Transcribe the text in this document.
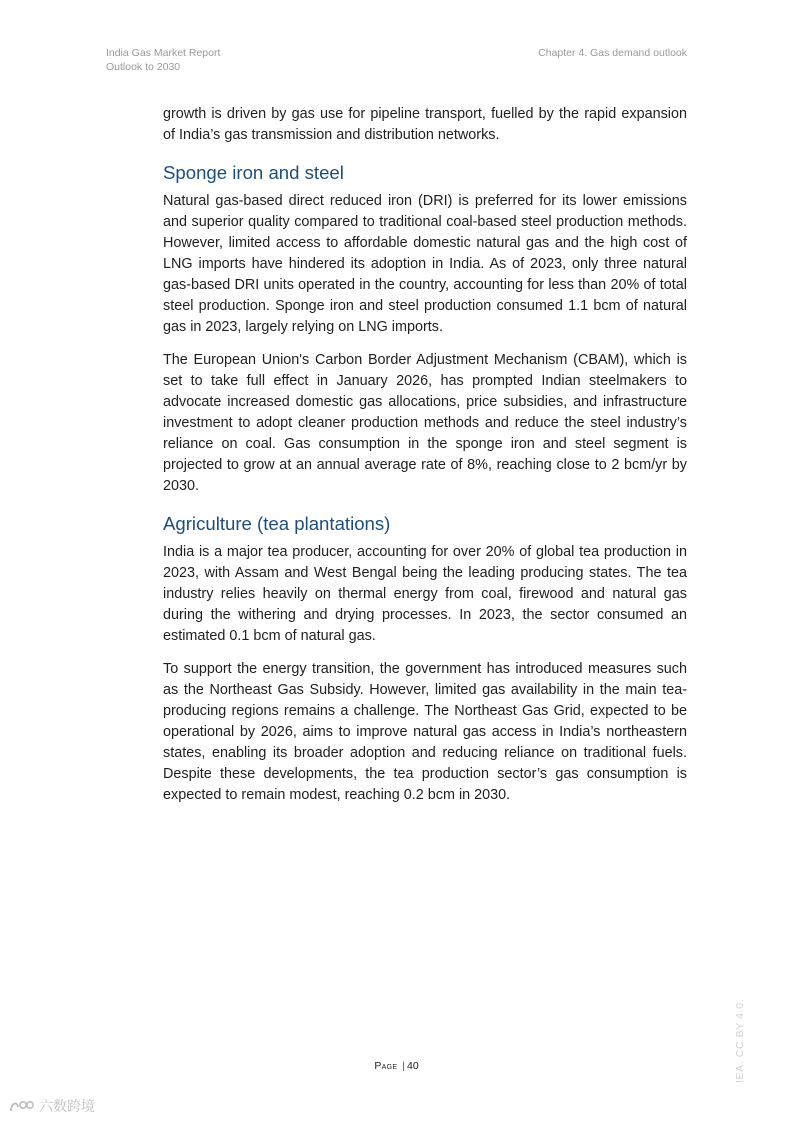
India Gas Market Report
Outlook to 2030
Chapter 4. Gas demand outlook

growth is driven by gas use for pipeline transport, fuelled by the rapid expansion of India’s gas transmission and distribution networks.

Sponge iron and steel

Natural gas-based direct reduced iron (DRI) is preferred for its lower emissions and superior quality compared to traditional coal-based steel production methods. However, limited access to affordable domestic natural gas and the high cost of LNG imports have hindered its adoption in India. As of 2023, only three natural gas-based DRI units operated in the country, accounting for less than 20% of total steel production. Sponge iron and steel production consumed 1.1 bcm of natural gas in 2023, largely relying on LNG imports.

The European Union's Carbon Border Adjustment Mechanism (CBAM), which is set to take full effect in January 2026, has prompted Indian steelmakers to advocate increased domestic gas allocations, price subsidies, and infrastructure investment to adopt cleaner production methods and reduce the steel industry’s reliance on coal. Gas consumption in the sponge iron and steel segment is projected to grow at an annual average rate of 8%, reaching close to 2 bcm/yr by 2030.

Agriculture (tea plantations)

India is a major tea producer, accounting for over 20% of global tea production in 2023, with Assam and West Bengal being the leading producing states. The tea industry relies heavily on thermal energy from coal, firewood and natural gas during the withering and drying processes. In 2023, the sector consumed an estimated 0.1 bcm of natural gas.

To support the energy transition, the government has introduced measures such as the Northeast Gas Subsidy. However, limited gas availability in the main tea-producing regions remains a challenge. The Northeast Gas Grid, expected to be operational by 2026, aims to improve natural gas access in India’s northeastern states, enabling its broader adoption and reducing reliance on traditional fuels. Despite these developments, the tea production sector’s gas consumption is expected to remain modest, reaching 0.2 bcm in 2030.

Page | 40	IEA. CC BY 4.0.
六数跨境
